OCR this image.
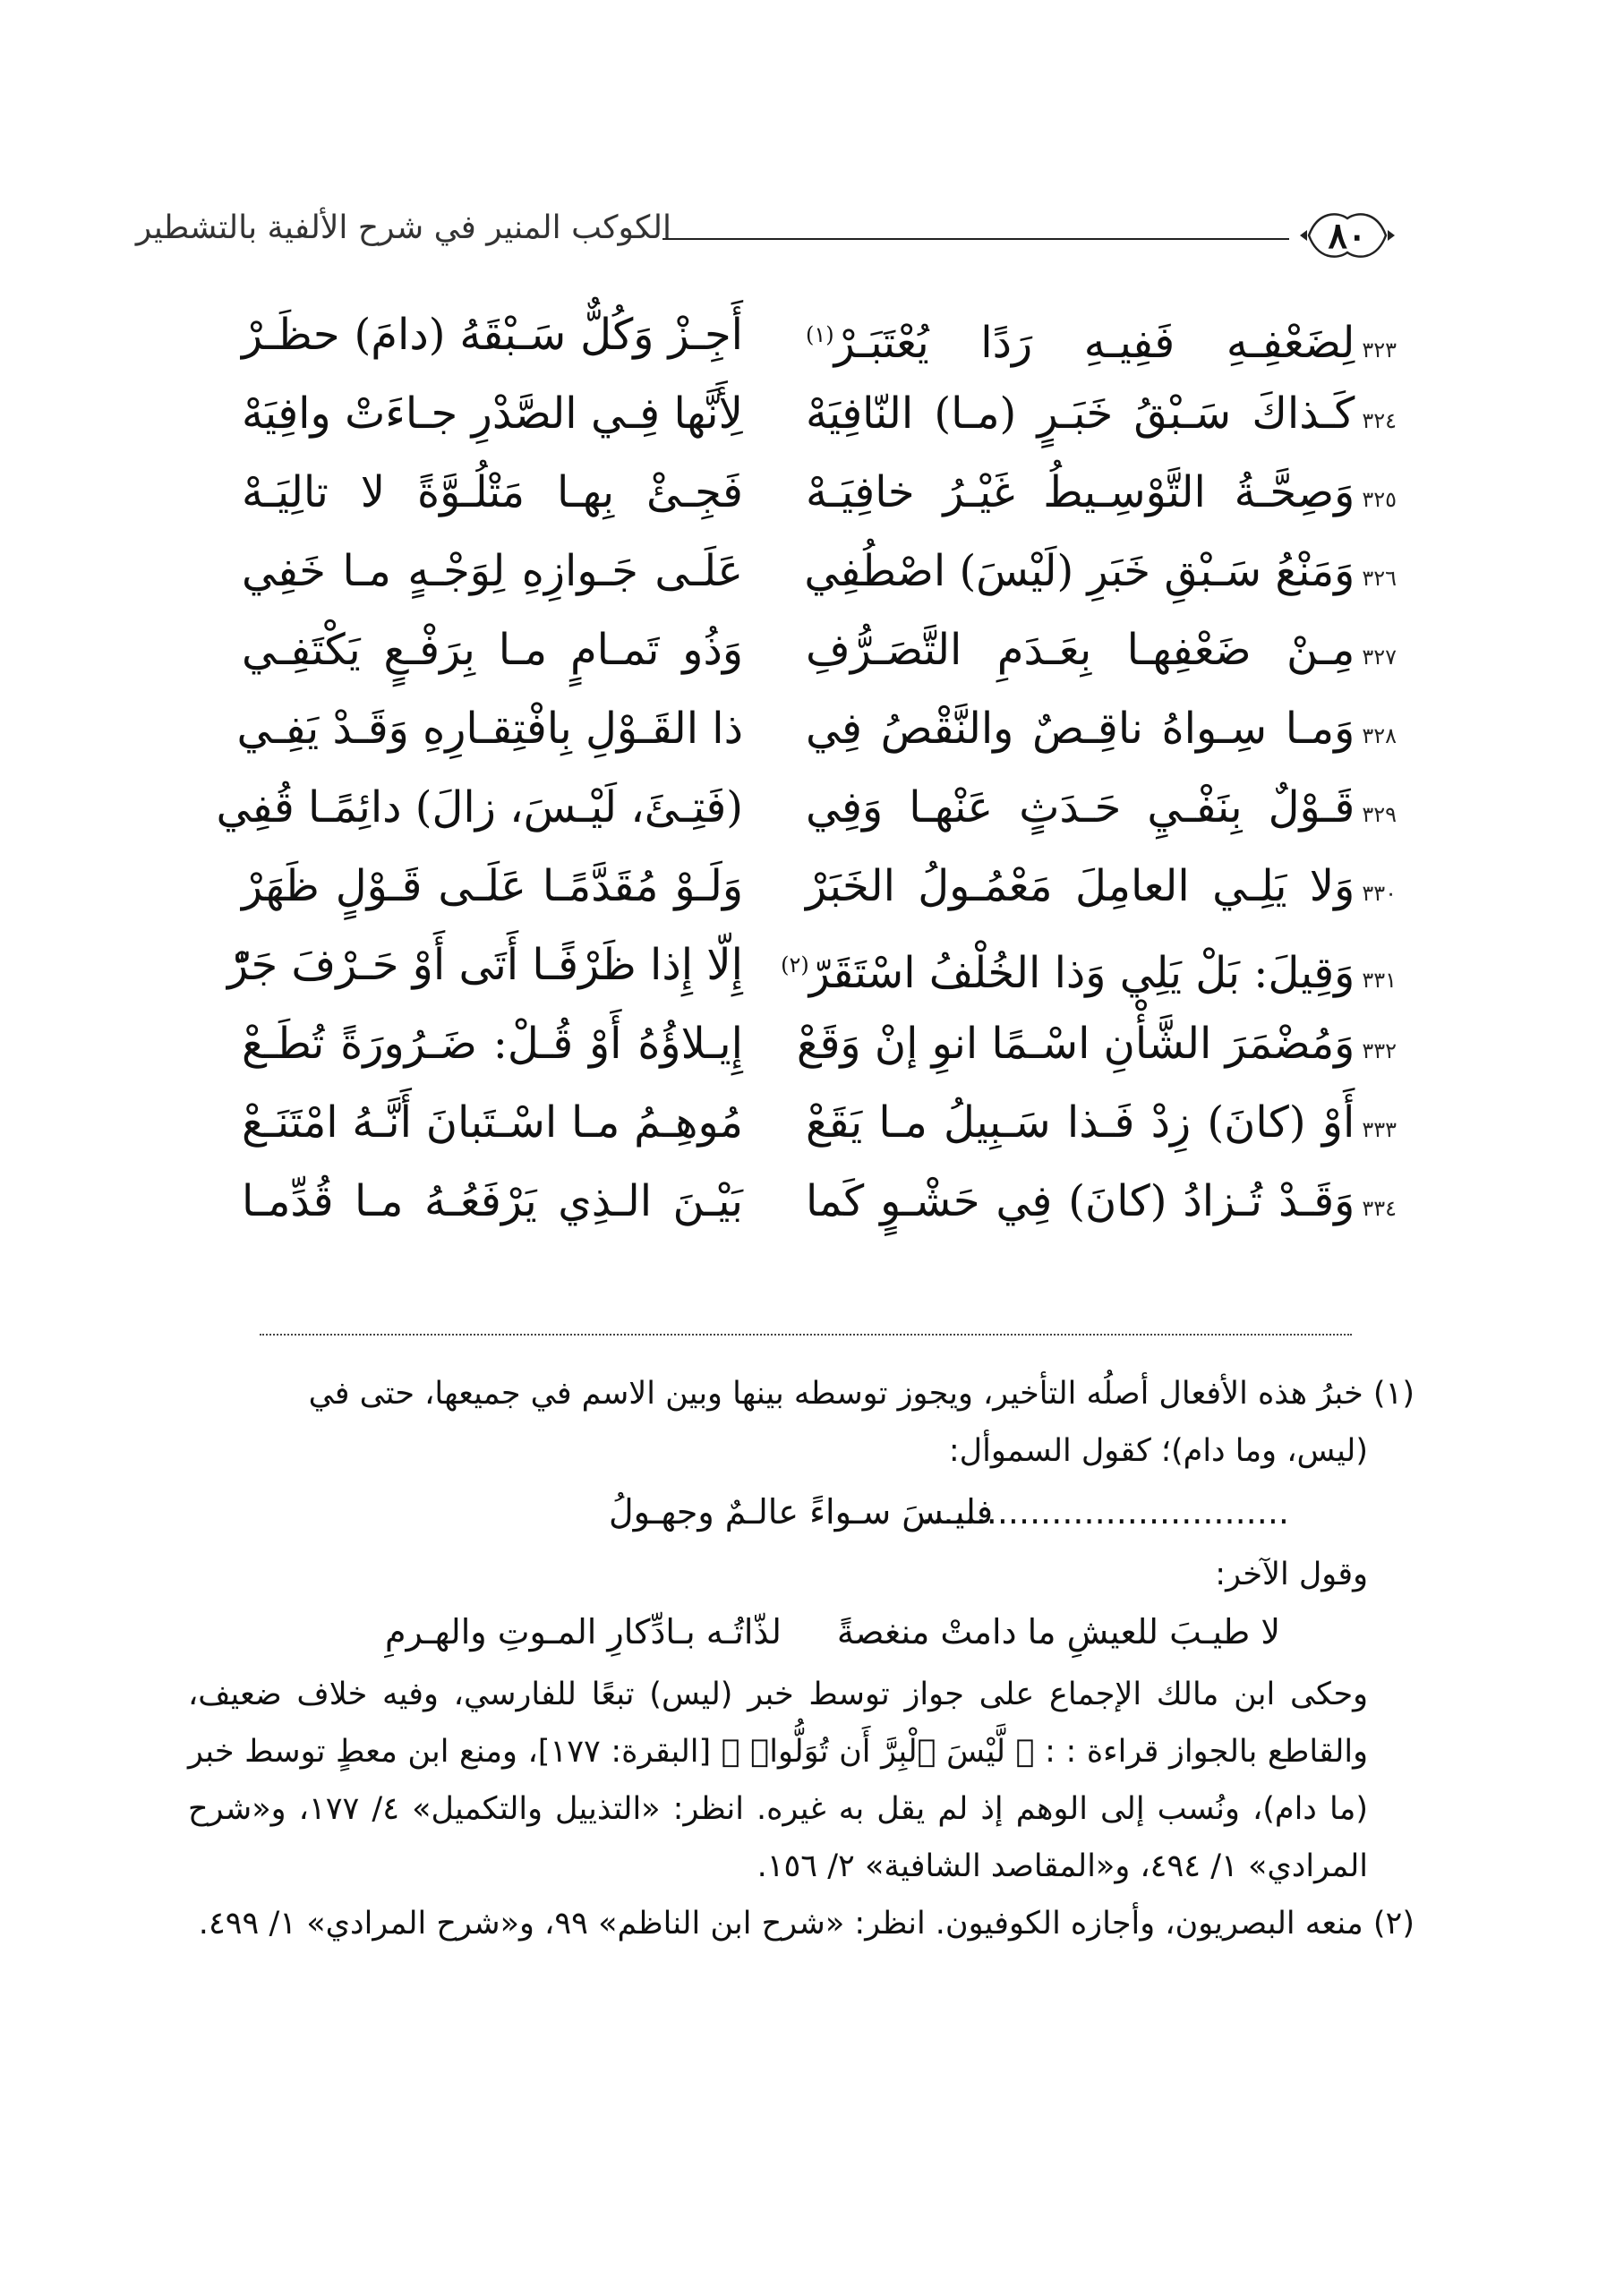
٨٠
الكوكب المنير في شرح الألفية بالتشطير
٣٢٣لِضَعْفِـهِ فَفِيـهِ رَدًا يُعْتَبَـرْ$^{(١)}$
أَجِـزْ وَكُلٌّ سَـبْقَهُ (دامَ) حظَـرْ
٣٢٤كَـذاكَ سَـبْقُ خَبَـرٍ (مـا) النّافِيَهْ
لِأَنَّها فِـي الصَّدْرِ جـاءَتْ وافِيَهْ
٣٢٥وَصِحَّـةُ التَّوْسِـيطُ غَيْـرُ خافِيَـهْ
فَجِـئْ بِهـا مَتْلُـوَّةً لا تالِيَـهْ
٣٢٦وَمَنْعُ سَـبْقِ خَبَرِ (لَيْسَ) اصْطُفِي
عَلَـى جَـوازِهِ لِوَجْـهٍ مـا خَفِي
٣٢٧مِـنْ ضَعْفِهـا بِعَـدَمِ التَّصَـرُّفِ
وَذُو تَمـامٍ مـا بِرَفْـعٍ يَكْتَفِـي
٣٢٨وَمـا سِـواهُ ناقِـصٌ والنَّقْصُ فِي
ذا القَـوْلِ بِافْتِقـارِهِ وَقَـدْ يَفِـي
٣٢٩قَـوْلٌ بِنَفْـيِ حَـدَثٍ عَنْهـا وَفِي
(فَتِـئَ، لَيْـسَ، زالَ) دائِمًـا قُفِي
٣٣٠وَلا يَلِـي العامِلَ مَعْمُـولُ الخَبَرْ
وَلَـوْ مُقَدَّمًـا عَلَـى قَـوْلٍ ظَهَرْ
٣٣١وَقِيلَ: بَلْ يَلِي وَذا الخُلْفُ اسْتَقَرّ$^{(٢)}$
إِلّا إِذا ظَرْفًـا أَتَى أَوْ حَـرْفَ جَرّْ
٣٣٢وَمُضْمَرَ الشَّأْنِ اسْـمًا انوِ إنْ وَقَعْ
إِيـلاؤُهُ أَوْ قُـلْ: ضَـرُورَةً تُطَـعْ
٣٣٣أَوْ (كانَ) زِدْ فَـذا سَـبِيلُ مـا يَقَعْ
مُوهِـمُ مـا اسْـتَبانَ أَنَّـهُ امْتَنَـعْ
٣٣٤وَقَـدْ تُـزادُ (كانَ) فِي حَشْـوٍ كَما
بَيْـنَ الـذِي يَرْفَعُـهُ مـا قُدِّمـا

(١) خبرُ هذه الأفعال أصلُه التأخير، ويجوز توسطه بينها وبين الاسم في جميعها، حتى في

(ليس، وما دام)؛ كقول السموأل:

..................................
فليـسَ سـواءً عالـمٌ وجهـولُ

وقول الآخر:

لا طيـبَ للعيشِ ما دامتْ منغصةً
لذّاتُـه بـادِّكارِ المـوتِ والهـرمِ

وحكى ابن مالك الإجماع على جواز توسط خبر (ليس) تبعًا للفارسي، وفيه خلاف ضعيف، والقاطع بالجواز قراءة : : ﴿ لَّيْسَ ٱلْبِرَّ أَن تُوَلُّوا۟ ﴾ [البقرة: ١٧٧]، ومنع ابن معطٍ توسط خبر (ما دام)، ونُسب إلى الوهم إذ لم يقل به غيره. انظر: «التذييل والتكميل» ٤/ ١٧٧، و«شرح المرادي» ١/ ٤٩٤، و«المقاصد الشافية» ٢/ ١٥٦.

(٢) منعه البصريون، وأجازه الكوفيون. انظر: «شرح ابن الناظم» ٩٩، و«شرح المرادي» ١/ ٤٩٩.
